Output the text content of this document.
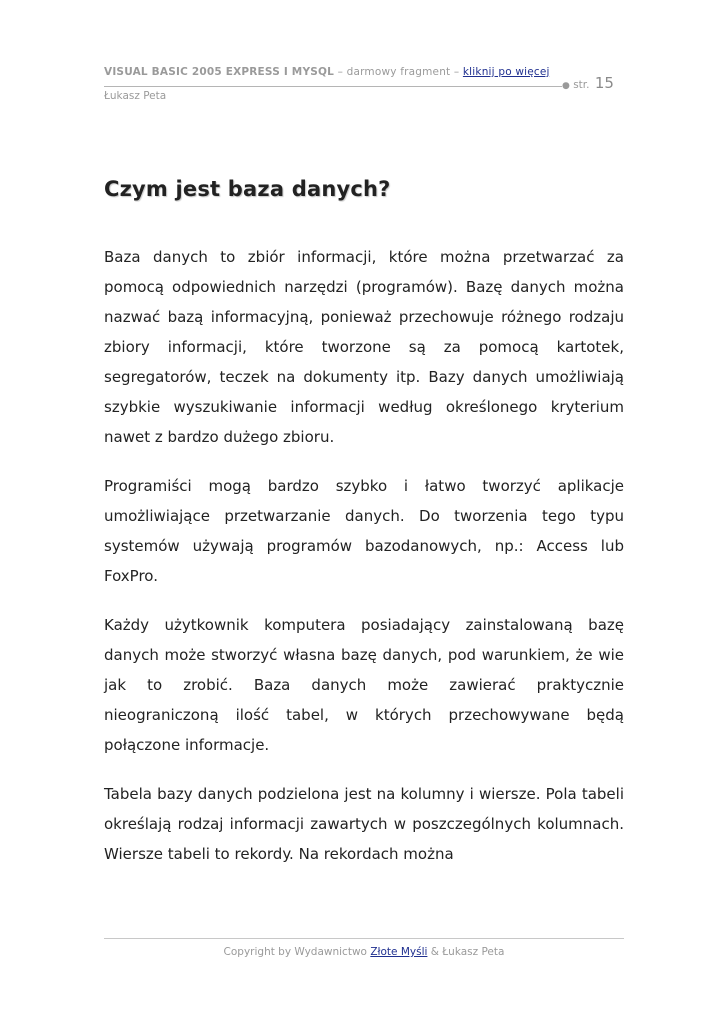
VISUAL BASIC 2005 EXPRESS I MYSQL – darmowy fragment – kliknij po więcej
● str. 15
Łukasz Peta
Czym jest baza danych?

Baza danych to zbiór informacji, które można przetwarzać za pomocą odpowiednich narzędzi (programów). Bazę danych można nazwać bazą informacyjną, ponieważ przechowuje różnego rodzaju zbiory informacji, które tworzone są za pomocą kartotek, segregatorów, teczek na dokumenty itp. Bazy danych umożliwiają szybkie wyszukiwanie informacji według określonego kryterium nawet z bardzo dużego zbioru.

Programiści mogą bardzo szybko i łatwo tworzyć aplikacje umożliwiające przetwarzanie danych. Do tworzenia tego typu systemów używają programów bazodanowych, np.: Access lub FoxPro.

Każdy użytkownik komputera posiadający zainstalowaną bazę danych może stworzyć własna bazę danych, pod warunkiem, że wie jak to zrobić. Baza danych może zawierać praktycznie nieograniczoną ilość tabel, w których przechowywane będą połączone informacje.

Tabela bazy danych podzielona jest na kolumny i wiersze. Pola tabeli określają rodzaj informacji zawartych w poszczególnych kolumnach. Wiersze tabeli to rekordy. Na rekordach można

Copyright by Wydawnictwo Złote Myśli & Łukasz Peta
